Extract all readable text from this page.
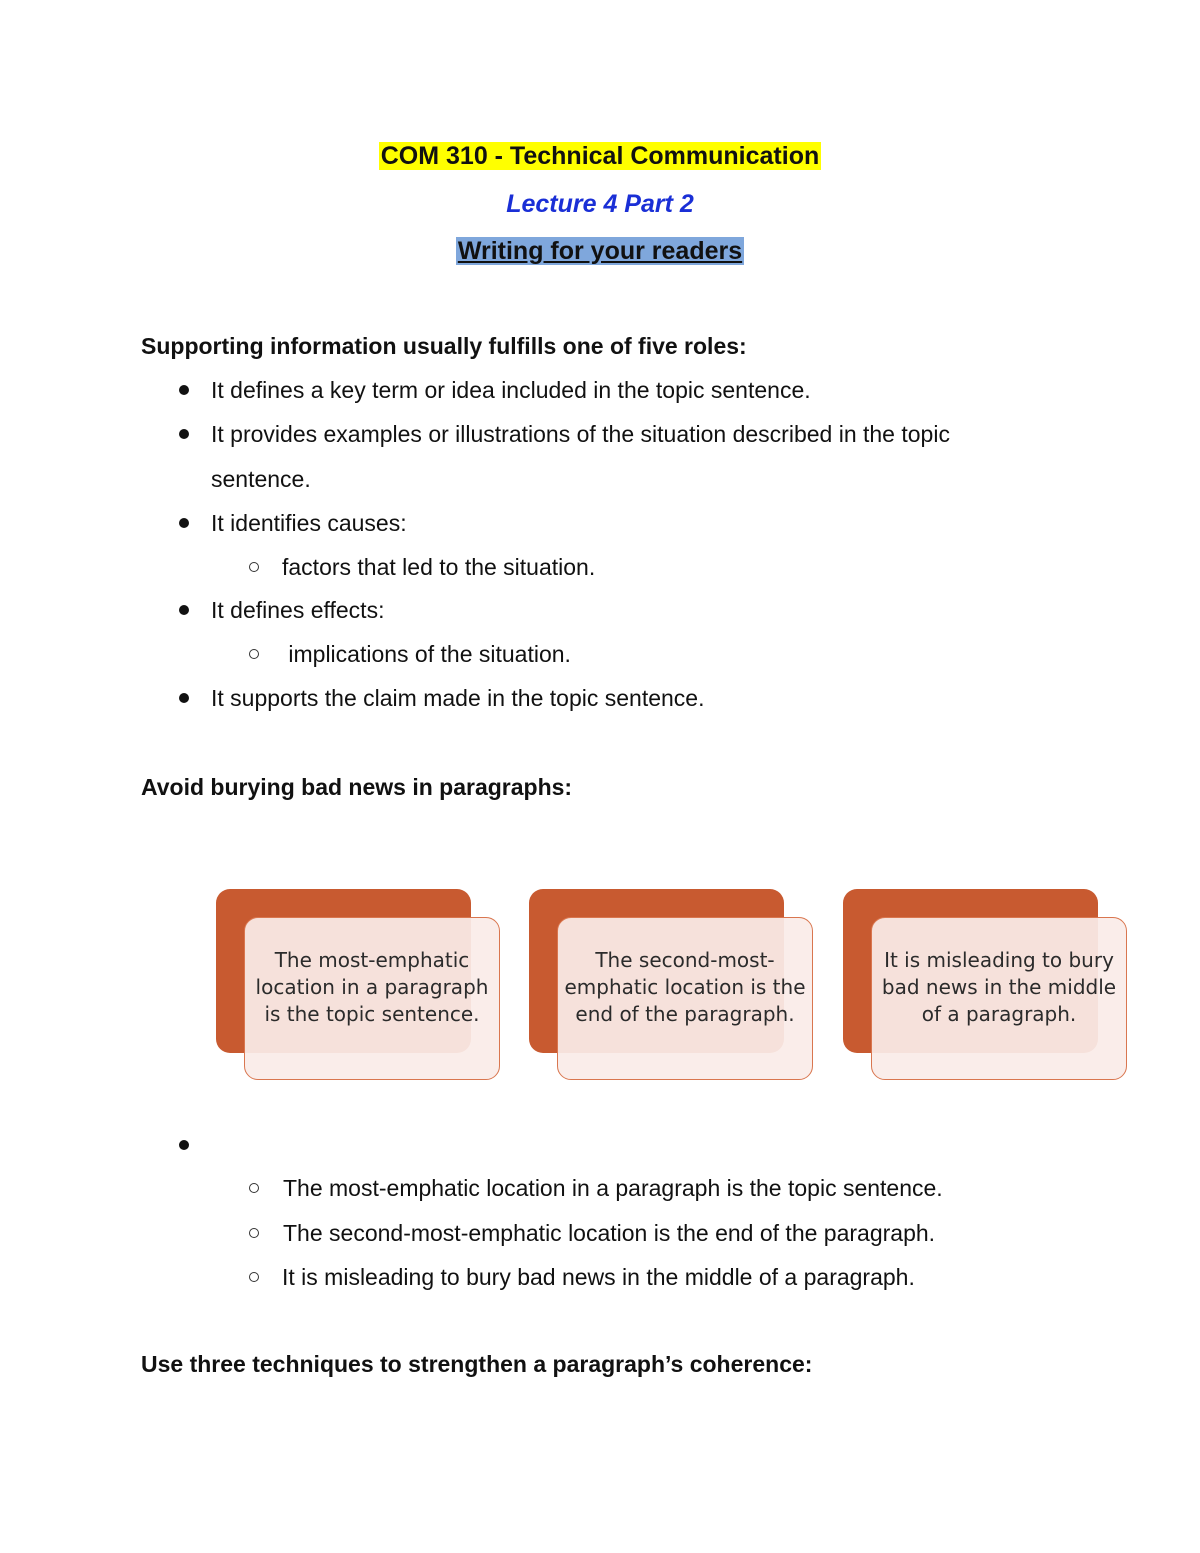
COM 310 - Technical Communication
Lecture 4 Part 2
Writing for your readers
Supporting information usually fulfills one of five roles:
It defines a key term or idea included in the topic sentence.
It provides examples or illustrations of the situation described in the topic
sentence.
It identifies causes:
factors that led to the situation.
It defines effects:
implications of the situation.
It supports the claim made in the topic sentence.
Avoid burying bad news in paragraphs:
The most-emphatic location in a paragraph is the topic sentence.
The second-most-emphatic location is the end of the paragraph.
It is misleading to bury bad news in the middle of a paragraph.
The most-emphatic location in a paragraph is the topic sentence.
The second-most-emphatic location is the end of the paragraph.
It is misleading to bury bad news in the middle of a paragraph.
Use three techniques to strengthen a paragraph’s coherence:
